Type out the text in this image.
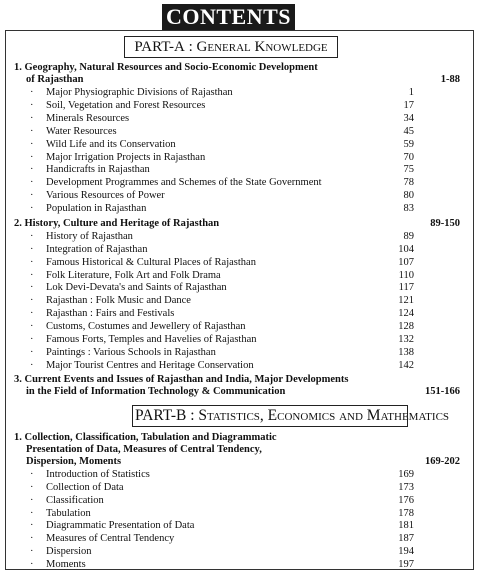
CONTENTS
PART-A : General Knowledge
1. Geography, Natural Resources and Socio-Economic Development
of Rajasthan	1-88
· Major Physiographic Divisions of Rajasthan	1
· Soil, Vegetation and Forest Resources	17
· Minerals Resources	34
· Water Resources	45
· Wild Life and its Conservation	59
· Major Irrigation Projects in Rajasthan	70
· Handicrafts in Rajasthan	75
· Development Programmes and Schemes of the State Government	78
· Various Resources of Power	80
· Population in Rajasthan	83
2. History, Culture and Heritage of Rajasthan	89-150
· History of Rajasthan	89
· Integration of Rajasthan	104
· Famous Historical & Cultural Places of Rajasthan	107
· Folk Literature, Folk Art and Folk Drama	110
· Lok Devi-Devata's and Saints of Rajasthan	117
· Rajasthan : Folk Music and Dance	121
· Rajasthan : Fairs and Festivals	124
· Customs, Costumes and Jewellery of Rajasthan	128
· Famous Forts, Temples and Havelies of Rajasthan	132
· Paintings : Various Schools in Rajasthan	138
· Major Tourist Centres and Heritage Conservation	142
3. Current Events and Issues of Rajasthan and India, Major Developments
in the Field of Information Technology & Communication	151-166
PART-B : Statistics, Economics and Mathematics
1. Collection, Classification, Tabulation and Diagrammatic
Presentation of Data, Measures of Central Tendency,
Dispersion, Moments	169-202
· Introduction of Statistics	169
· Collection of Data	173
· Classification	176
· Tabulation	178
· Diagrammatic Presentation of Data	181
· Measures of Central Tendency	187
· Dispersion	194
· Moments	197
